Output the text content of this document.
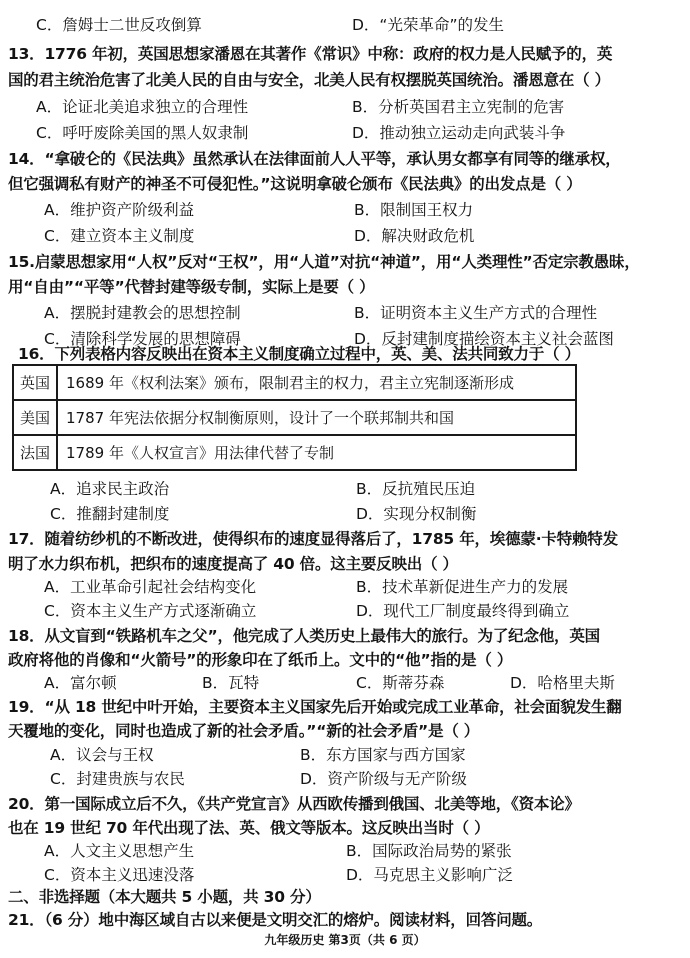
C．詹姆士二世反攻倒算	D．“光荣革命”的发生
13．1776 年初，英国思想家潘恩在其著作《常识》中称：政府的权力是人民赋予的，英
国的君主统治危害了北美人民的自由与安全，北美人民有权摆脱英国统治。潘恩意在（ ）
A．论证北美追求独立的合理性	B．分析英国君主立宪制的危害
C．呼吁废除美国的黑人奴隶制	D．推动独立运动走向武装斗争
14．“拿破仑的《民法典》虽然承认在法律面前人人平等，承认男女都享有同等的继承权，
但它强调私有财产的神圣不可侵犯性。”这说明拿破仑颁布《民法典》的出发点是（ ）
A．维护资产阶级利益	B．限制国王权力
C．建立资本主义制度	D．解决财政危机
15.启蒙思想家用“人权”反对“王权”，用“人道”对抗“神道”，用“人类理性”否定宗教愚昧，
用“自由”“平等”代替封建等级专制，实际上是要（ ）
A．摆脱封建教会的思想控制	B．证明资本主义生产方式的合理性
C．清除科学发展的思想障碍	D．反封建制度描绘资本主义社会蓝图
16．下列表格内容反映出在资本主义制度确立过程中，英、美、法共同致力于（ ）
英国	1689 年《权利法案》颁布，限制君主的权力，君主立宪制逐渐形成
美国	1787 年宪法依据分权制衡原则，设计了一个联邦制共和国
法国	1789 年《人权宣言》用法律代替了专制
A．追求民主政治	B．反抗殖民压迫
C．推翻封建制度	D．实现分权制衡
17．随着纺纱机的不断改进，使得织布的速度显得落后了，1785 年，埃德蒙·卡特赖特发
明了水力织布机，把织布的速度提高了 40 倍。这主要反映出（ ）
A．工业革命引起社会结构变化	B．技术革新促进生产力的发展
C．资本主义生产方式逐渐确立	D．现代工厂制度最终得到确立
18．从文盲到“铁路机车之父”，他完成了人类历史上最伟大的旅行。为了纪念他，英国
政府将他的肖像和“火箭号”的形象印在了纸币上。文中的“他”指的是（ ）
A．富尔顿	B．瓦特	C．斯蒂芬森	D．哈格里夫斯
19．“从 18 世纪中叶开始，主要资本主义国家先后开始或完成工业革命，社会面貌发生翻
天覆地的变化，同时也造成了新的社会矛盾。”“新的社会矛盾”是（ ）
A．议会与王权	B．东方国家与西方国家
C．封建贵族与农民	D．资产阶级与无产阶级
20．第一国际成立后不久，《共产党宣言》从西欧传播到俄国、北美等地，《资本论》
也在 19 世纪 70 年代出现了法、英、俄文等版本。这反映出当时（ ）
A．人文主义思想产生	B．国际政治局势的紧张
C．资本主义迅速没落	D．马克思主义影响广泛
二、非选择题（本大题共 5 小题，共 30 分）
21．（6 分）地中海区域自古以来便是文明交汇的熔炉。阅读材料，回答问题。
九年级历史 第3页（共 6 页）
